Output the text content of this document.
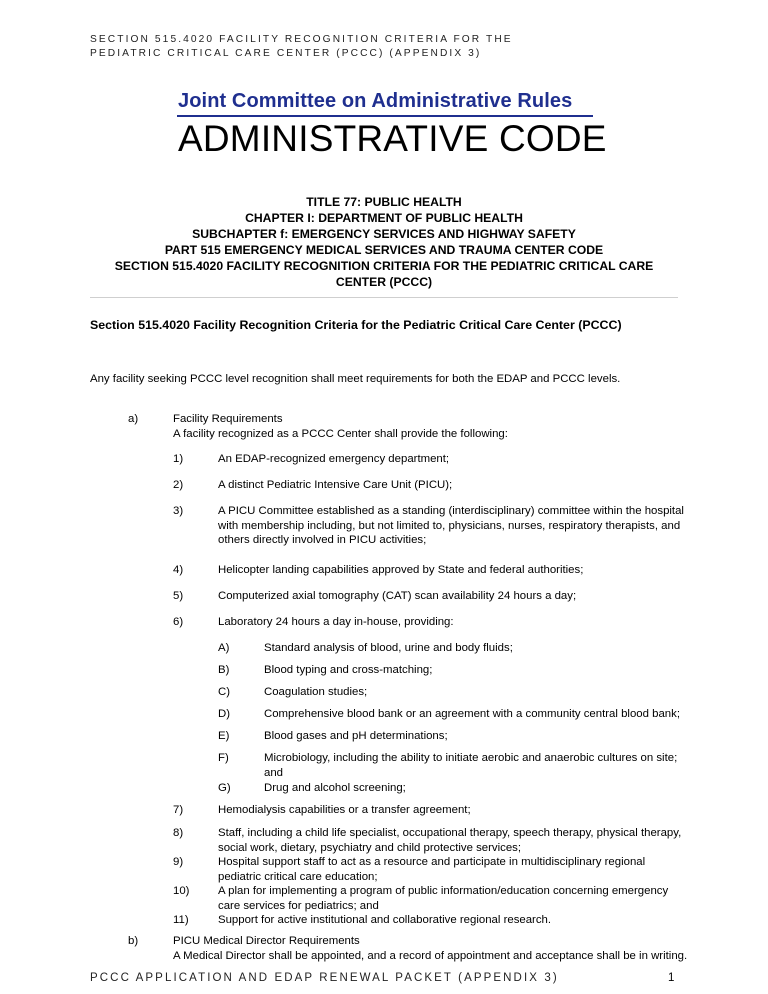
SECTION 515.4020 FACILITY RECOGNITION CRITERIA FOR THE
PEDIATRIC CRITICAL CARE CENTER (PCCC) (APPENDIX 3)
Joint Committee on Administrative Rules
ADMINISTRATIVE CODE
TITLE 77: PUBLIC HEALTH
CHAPTER I: DEPARTMENT OF PUBLIC HEALTH
SUBCHAPTER f: EMERGENCY SERVICES AND HIGHWAY SAFETY
PART 515 EMERGENCY MEDICAL SERVICES AND TRAUMA CENTER CODE
SECTION 515.4020 FACILITY RECOGNITION CRITERIA FOR THE PEDIATRIC CRITICAL CARE
CENTER (PCCC)
Section 515.4020 Facility Recognition Criteria for the Pediatric Critical Care Center (PCCC)
Any facility seeking PCCC level recognition shall meet requirements for both the EDAP and PCCC levels.
a)	Facility Requirements
A facility recognized as a PCCC Center shall provide the following:
1)	An EDAP-recognized emergency department;
2)	A distinct Pediatric Intensive Care Unit (PICU);
3)	A PICU Committee established as a standing (interdisciplinary) committee within the hospital
with membership including, but not limited to, physicians, nurses, respiratory therapists, and
others directly involved in PICU activities;
4)	Helicopter landing capabilities approved by State and federal authorities;
5)	Computerized axial tomography (CAT) scan availability 24 hours a day;
6)	Laboratory 24 hours a day in-house, providing:
7)	Hemodialysis capabilities or a transfer agreement;
8)	Staff, including a child life specialist, occupational therapy, speech therapy, physical therapy,
social work, dietary, psychiatry and child protective services;
9)	Hospital support staff to act as a resource and participate in multidisciplinary regional
pediatric critical care education;
10)	A plan for implementing a program of public information/education concerning emergency
care services for pediatrics; and
11)	Support for active institutional and collaborative regional research.
A)	Standard analysis of blood, urine and body fluids;
B)	Blood typing and cross-matching;
C)	Coagulation studies;
D)	Comprehensive blood bank or an agreement with a community central blood bank;
E)	Blood gases and pH determinations;
F)	Microbiology, including the ability to initiate aerobic and anaerobic cultures on site;
and
G)	Drug and alcohol screening;
b)	PICU Medical Director Requirements
A Medical Director shall be appointed, and a record of appointment and acceptance shall be in writing.
PCCC APPLICATION AND EDAP RENEWAL PACKET (APPENDIX 3)	1
